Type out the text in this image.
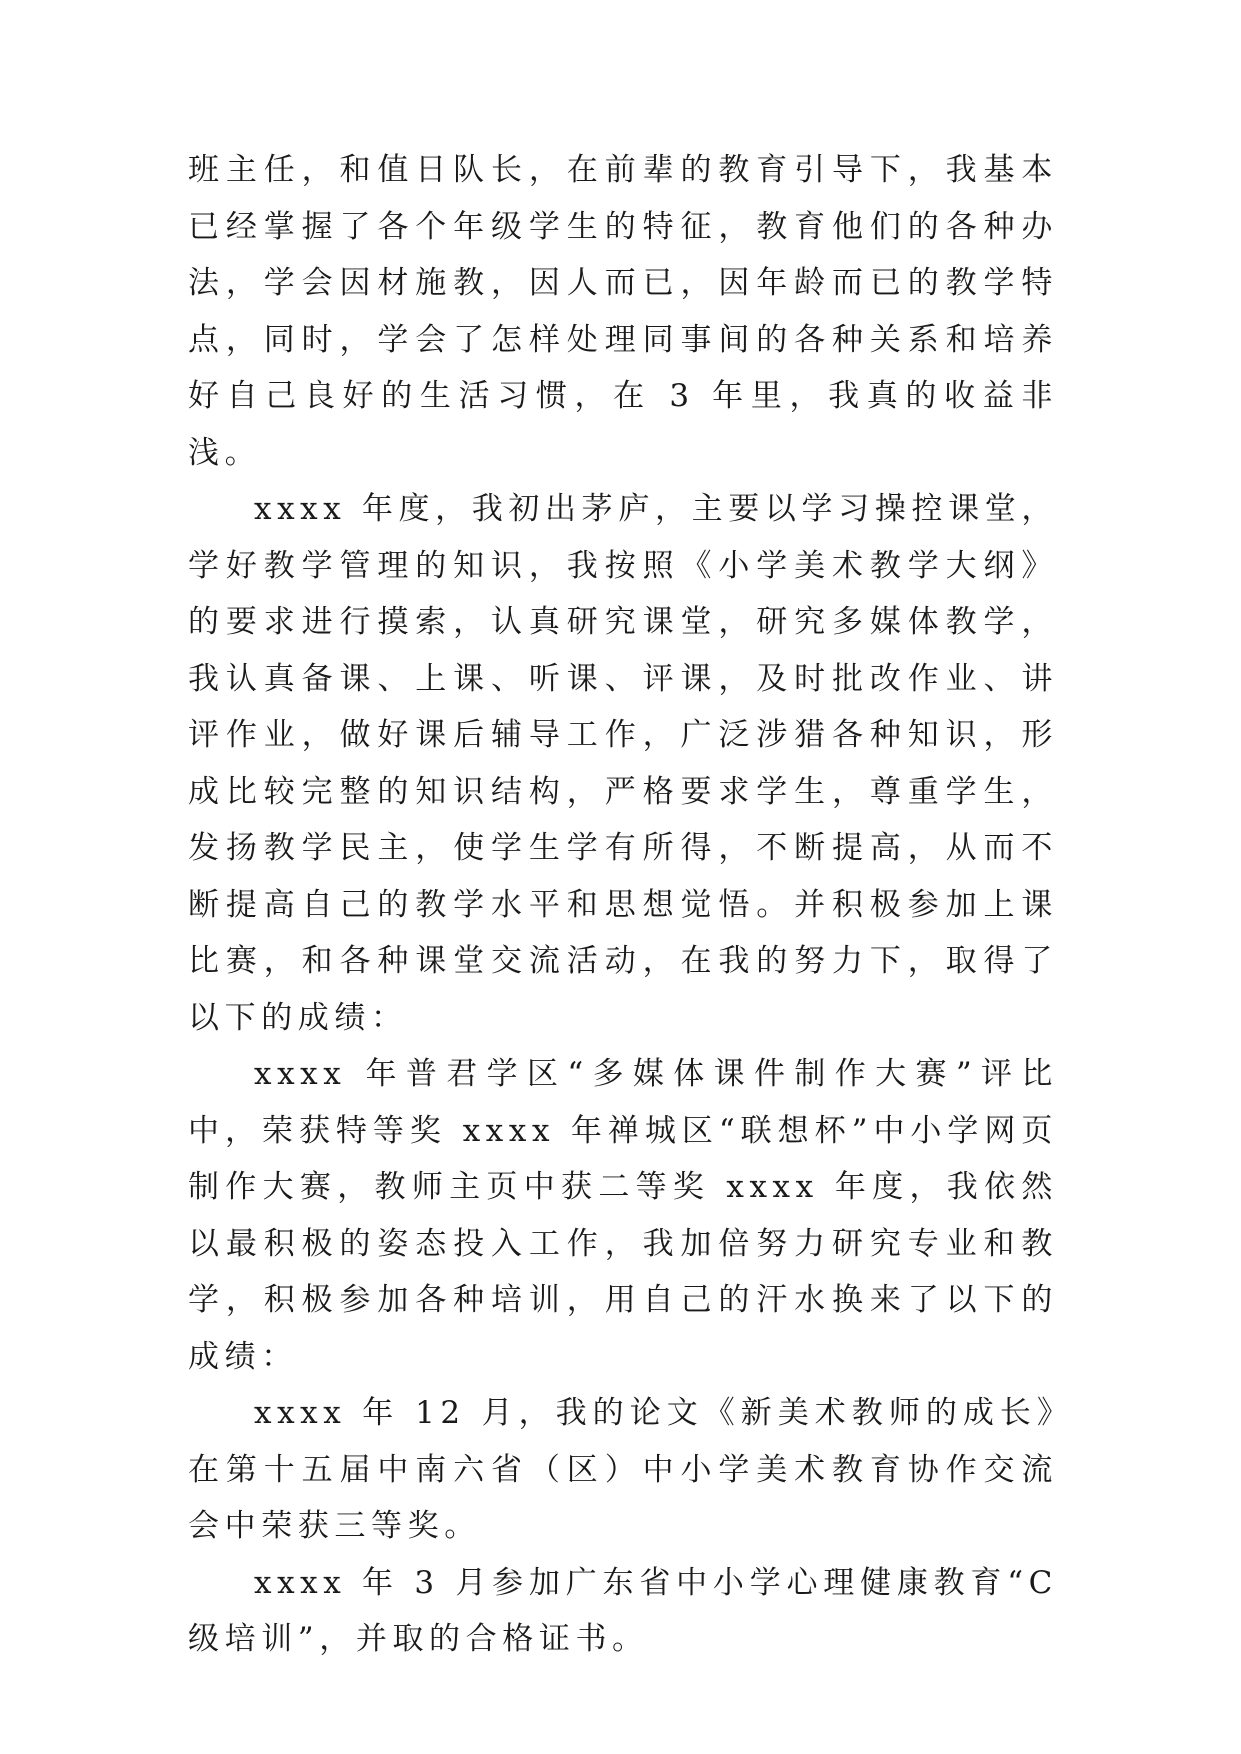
班主任，和值日队长，在前辈的教育引导下，我基本已经掌握了各个年级学生的特征，教育他们的各种办法，学会因材施教，因人而已，因年龄而已的教学特点，同时，学会了怎样处理同事间的各种关系和培养好自己良好的生活习惯，在 3 年里，我真的收益非浅。

xxxx 年度，我初出茅庐，主要以学习操控课堂，学好教学管理的知识，我按照《小学美术教学大纲》的要求进行摸索，认真研究课堂，研究多媒体教学，我认真备课、上课、听课、评课，及时批改作业、讲评作业，做好课后辅导工作，广泛涉猎各种知识，形成比较完整的知识结构，严格要求学生，尊重学生，发扬教学民主，使学生学有所得，不断提高，从而不断提高自己的教学水平和思想觉悟。并积极参加上课比赛，和各种课堂交流活动，在我的努力下，取得了以下的成绩：

xxxx 年普君学区“多媒体课件制作大赛”评比中，荣获特等奖 xxxx 年禅城区“联想杯”中小学网页制作大赛，教师主页中获二等奖 xxxx 年度，我依然以最积极的姿态投入工作，我加倍努力研究专业和教学，积极参加各种培训，用自己的汗水换来了以下的成绩：

xxxx 年 12 月，我的论文《新美术教师的成长》在第十五届中南六省（区）中小学美术教育协作交流会中荣获三等奖。

xxxx 年 3 月参加广东省中小学心理健康教育“C 级培训”，并取的合格证书。
